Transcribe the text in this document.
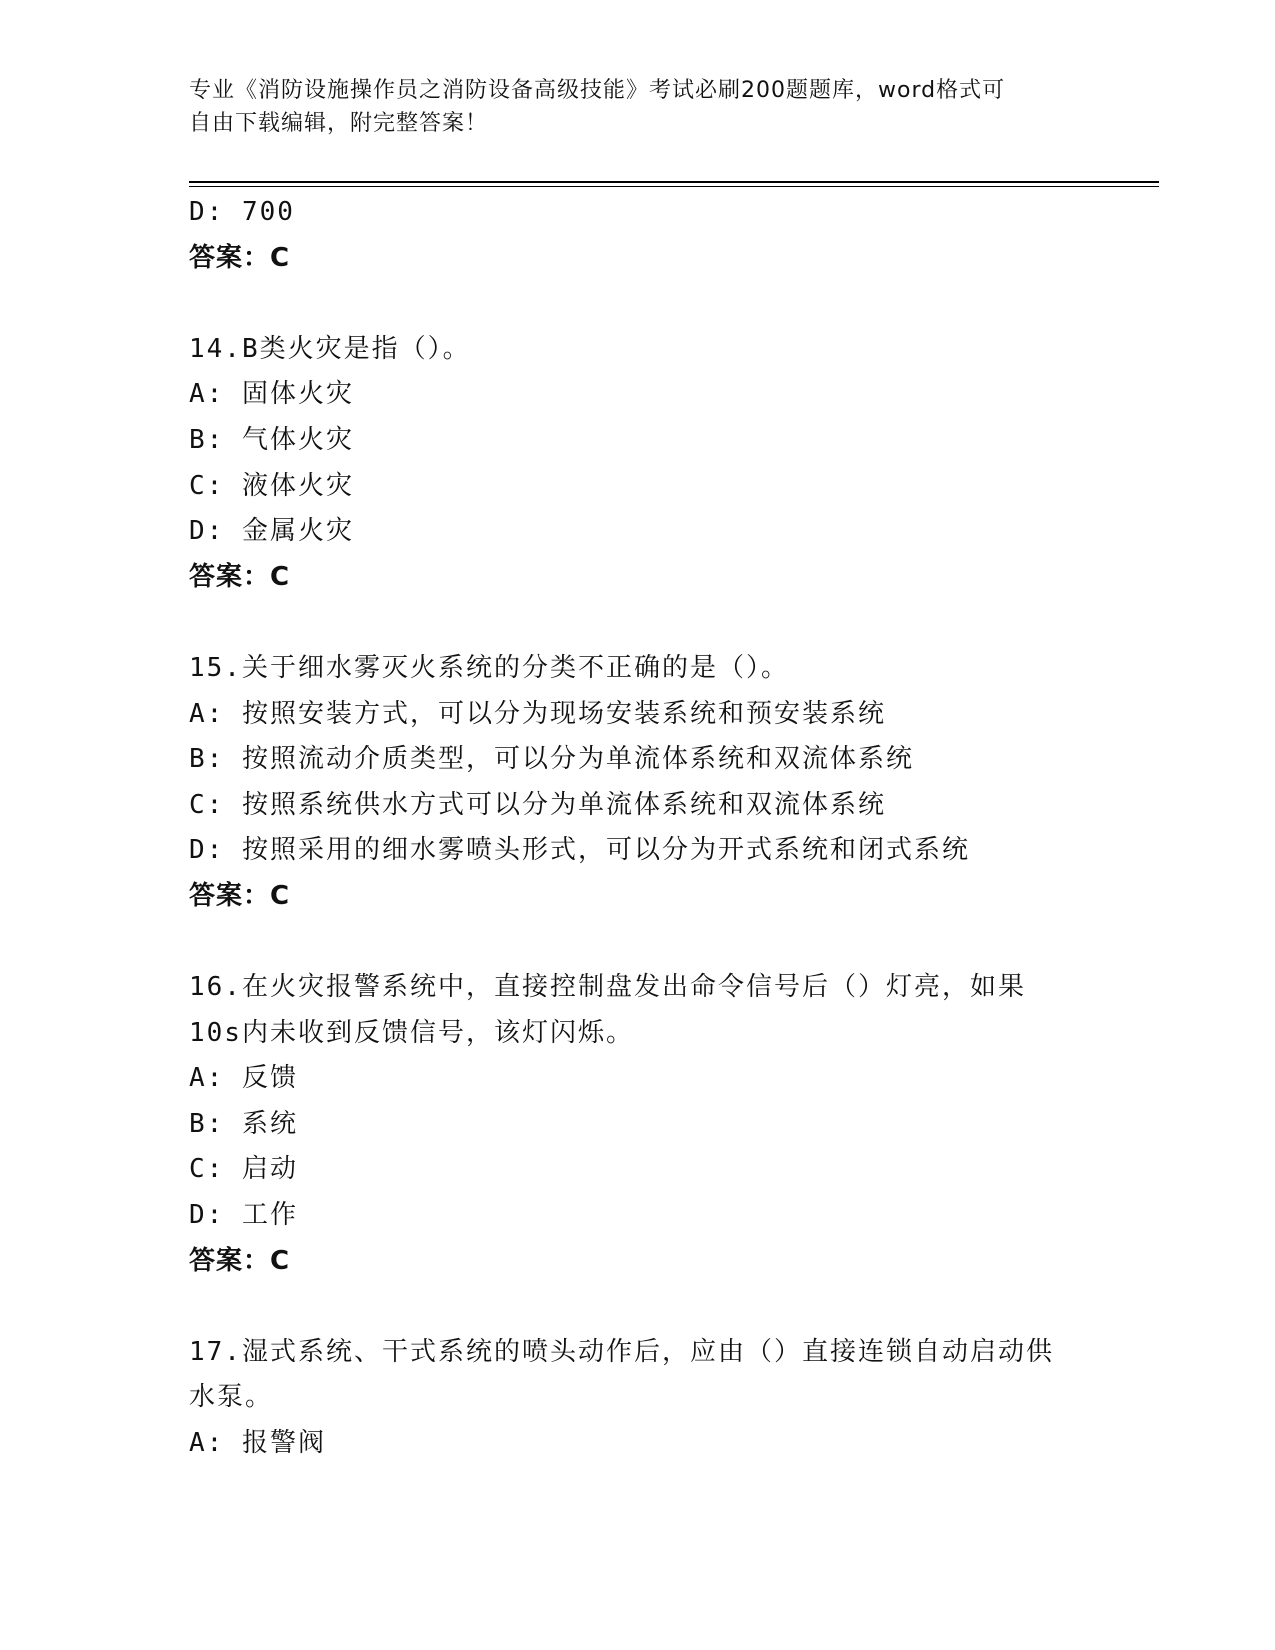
专业《消防设施操作员之消防设备高级技能》考试必刷200题题库，word格式可
自由下载编辑，附完整答案！
D: 700
答案：C
14.B类火灾是指（）。
A: 固体火灾
B: 气体火灾
C: 液体火灾
D: 金属火灾
答案：C
15.关于细水雾灭火系统的分类不正确的是（）。
A: 按照安装方式，可以分为现场安装系统和预安装系统
B: 按照流动介质类型，可以分为单流体系统和双流体系统
C: 按照系统供水方式可以分为单流体系统和双流体系统
D: 按照采用的细水雾喷头形式，可以分为开式系统和闭式系统
答案：C
16.在火灾报警系统中，直接控制盘发出命令信号后（）灯亮，如果
10s内未收到反馈信号，该灯闪烁。
A: 反馈
B: 系统
C: 启动
D: 工作
答案：C
17.湿式系统、干式系统的喷头动作后，应由（）直接连锁自动启动供
水泵。
A: 报警阀
